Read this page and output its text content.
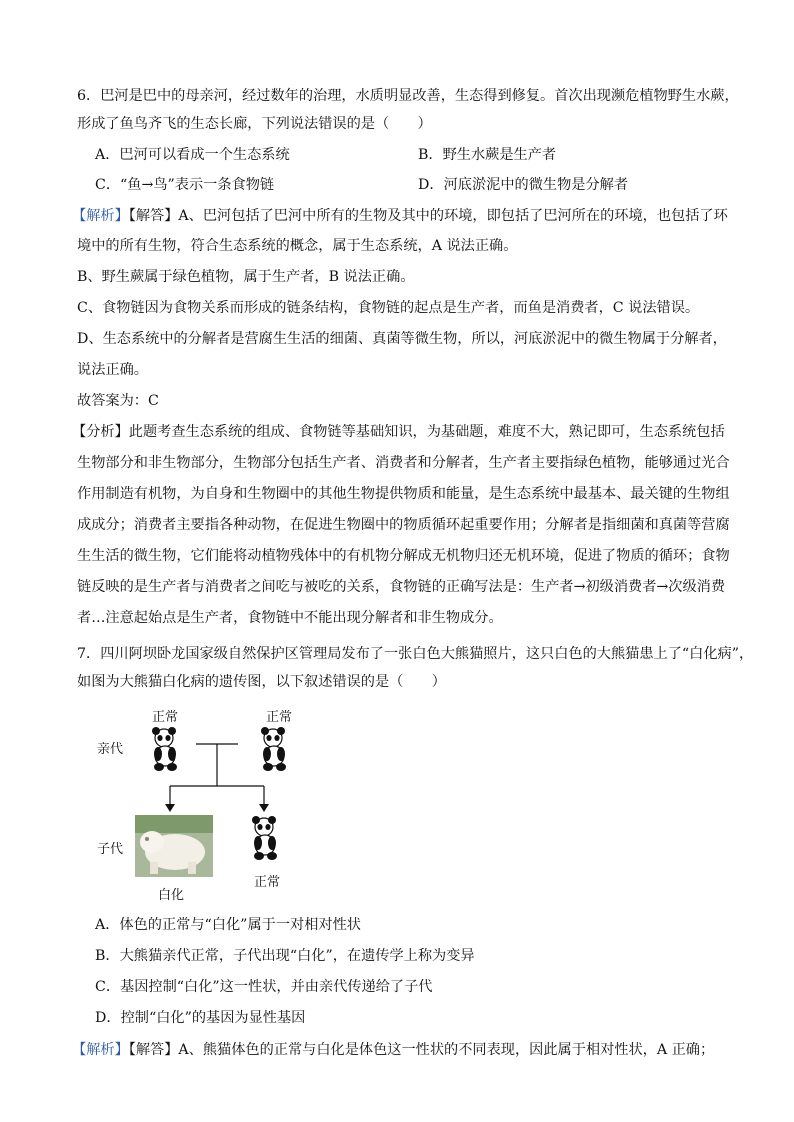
6．巴河是巴中的母亲河，经过数年的治理，水质明显改善，生态得到修复。首次出现濒危植物野生水蕨，
形成了鱼鸟齐飞的生态长廊，下列说法错误的是（　　）
A．巴河可以看成一个生态系统	B．野生水蕨是生产者
C．“鱼→鸟”表示一条食物链	D．河底淤泥中的微生物是分解者
【解析】【解答】A、巴河包括了巴河中所有的生物及其中的环境，即包括了巴河所在的环境，也包括了环
境中的所有生物，符合生态系统的概念，属于生态系统，A 说法正确。
B、野生蕨属于绿色植物，属于生产者，B 说法正确。
C、食物链因为食物关系而形成的链条结构，食物链的起点是生产者，而鱼是消费者，C 说法错误。
D、生态系统中的分解者是营腐生生活的细菌、真菌等微生物，所以，河底淤泥中的微生物属于分解者，
说法正确。
故答案为：C
【分析】此题考查生态系统的组成、食物链等基础知识，为基础题，难度不大，熟记即可，生态系统包括
生物部分和非生物部分，生物部分包括生产者、消费者和分解者，生产者主要指绿色植物，能够通过光合
作用制造有机物，为自身和生物圈中的其他生物提供物质和能量，是生态系统中最基本、最关键的生物组
成成分；消费者主要指各种动物，在促进生物圈中的物质循环起重要作用；分解者是指细菌和真菌等营腐
生生活的微生物，它们能将动植物残体中的有机物分解成无机物归还无机环境，促进了物质的循环；食物
链反映的是生产者与消费者之间吃与被吃的关系，食物链的正确写法是：生产者→初级消费者→次级消费
者…注意起始点是生产者，食物链中不能出现分解者和非生物成分。
7．四川阿坝卧龙国家级自然保护区管理局发布了一张白色大熊猫照片，这只白色的大熊猫患上了“白化病”，
如图为大熊猫白化病的遗传图，以下叙述错误的是（　　）
正常	正常
亲代
子代
白化
正常
A．体色的正常与“白化”属于一对相对性状
B．大熊猫亲代正常，子代出现“白化”，在遗传学上称为变异
C．基因控制“白化”这一性状，并由亲代传递给了子代
D．控制“白化”的基因为显性基因
【解析】【解答】A、熊猫体色的正常与白化是体色这一性状的不同表现，因此属于相对性状，A 正确；
